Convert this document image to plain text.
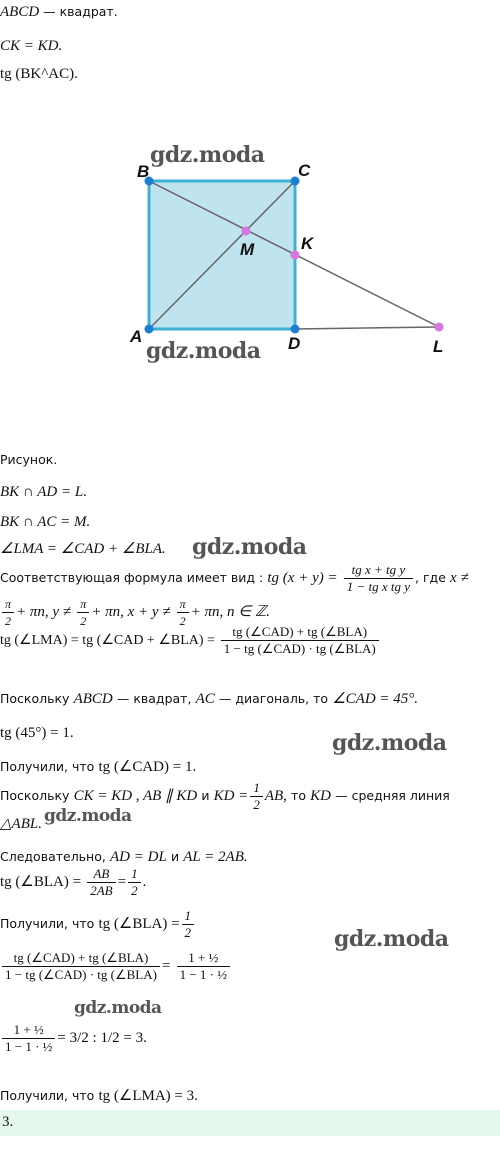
ABCD — квадрат.
CK = KD.
tg (BK^AC).
B	C
M	K
A	D	L
gdz.moda
gdz.moda
gdz.moda
gdz.moda
gdz.moda
gdz.moda
gdz.moda
Рисунок.
BK ∩ AD = L.
BK ∩ AC = M.
∠LMA = ∠CAD + ∠BLA.
Соответствующая формула имеет вид : tg $(x + y) = \frac{\text{tg x + tg y}}{\text{1 − tg x tg y}}$ , где x ≠
$\frac{\pi}{2} + \pi n$, $y \ne \frac{\pi}{2} + \pi n$, $x + y \ne \frac{\pi}{2} + \pi n$, n ∈ ℤ.
tg (∠LMA) = tg (∠CAD + ∠BLA) =
tg (∠CAD) + tg (∠BLA)
1 − tg (∠CAD) · tg (∠BLA)
Поскольку ABCD — квадрат, AC — диагональ, то ∠CAD = 45°.
tg (45°) = 1.
Получили, что tg (∠CAD) = 1.
Поскольку CK = KD , AB ∥ KD и KD = $\frac{1}{2}$ AB, то KD — средняя линия
△ABL.
Следовательно, AD = DL и AL = 2AB.
tg (∠BLA) = $\frac{AB}{2AB} = \frac{1}{2}$ .
Получили, что tg (∠BLA) = $\frac{1}{2}$
tg (∠CAD) + tg (∠BLA)
1 − tg (∠CAD) · tg (∠BLA)
= $\frac{\text{1 + ½}}{\text{1 − 1 · ½}}$
$\frac{\text{1 + ½}}{\text{1 − 1 · ½}} = 3/2$ : 1/2 = 3.
Получили, что tg (∠LMA) = 3.
3.
